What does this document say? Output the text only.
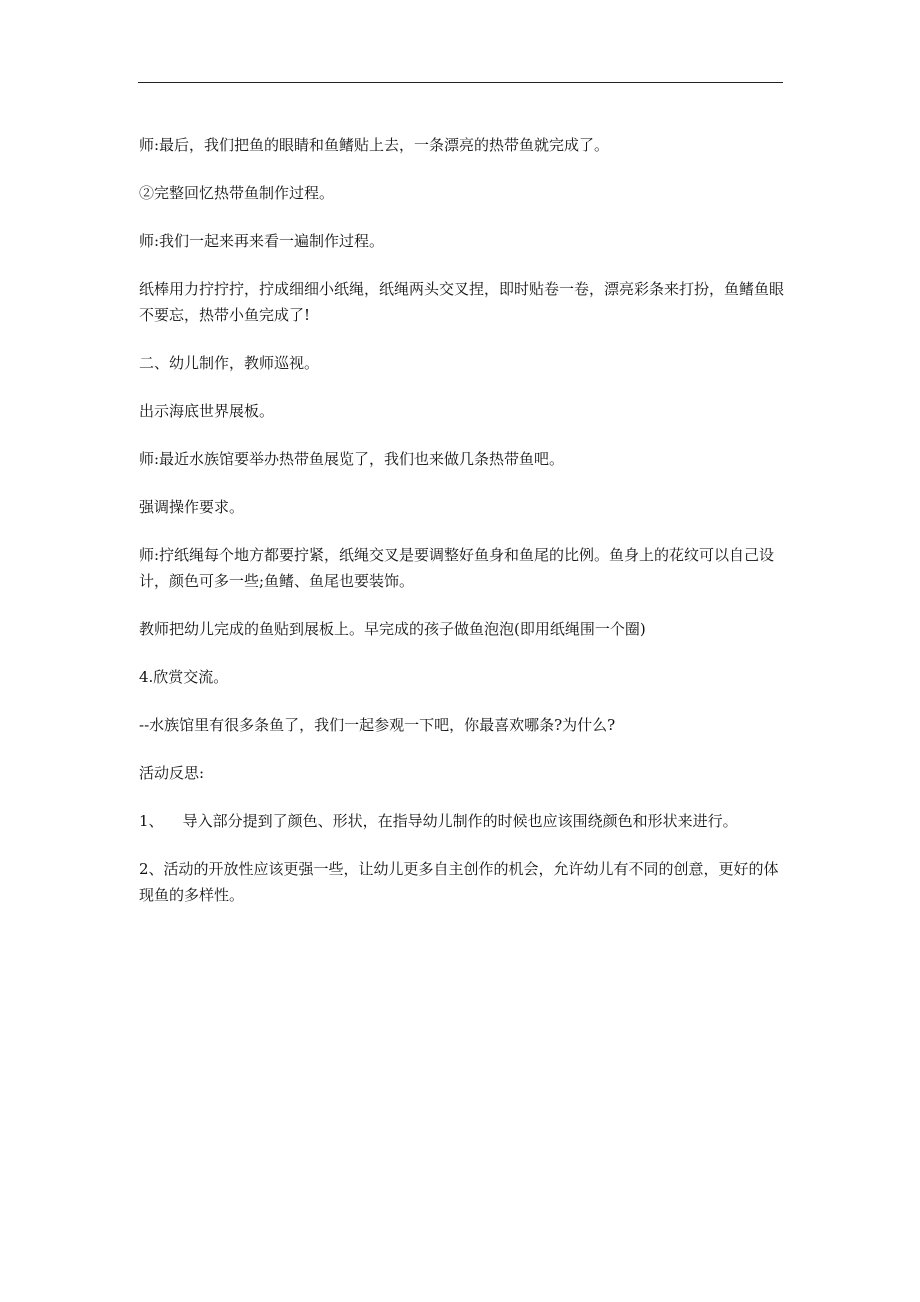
师:最后，我们把鱼的眼睛和鱼鳍贴上去，一条漂亮的热带鱼就完成了。

②完整回忆热带鱼制作过程。

师:我们一起来再来看一遍制作过程。

纸棒用力拧拧拧，拧成细细小纸绳，纸绳两头交叉捏，即时贴卷一卷，漂亮彩条来打扮，鱼鳍鱼眼不要忘，热带小鱼完成了!

二、幼儿制作，教师巡视。

出示海底世界展板。

师:最近水族馆要举办热带鱼展览了，我们也来做几条热带鱼吧。

强调操作要求。

师:拧纸绳每个地方都要拧紧，纸绳交叉是要调整好鱼身和鱼尾的比例。鱼身上的花纹可以自己设计，颜色可多一些;鱼鳍、鱼尾也要装饰。

教师把幼儿完成的鱼贴到展板上。早完成的孩子做鱼泡泡(即用纸绳围一个圈)

4.欣赏交流。

--水族馆里有很多条鱼了，我们一起参观一下吧，你最喜欢哪条?为什么?

活动反思:

1、    导入部分提到了颜色、形状，在指导幼儿制作的时候也应该围绕颜色和形状来进行。

2、活动的开放性应该更强一些，让幼儿更多自主创作的机会，允许幼儿有不同的创意，更好的体现鱼的多样性。
